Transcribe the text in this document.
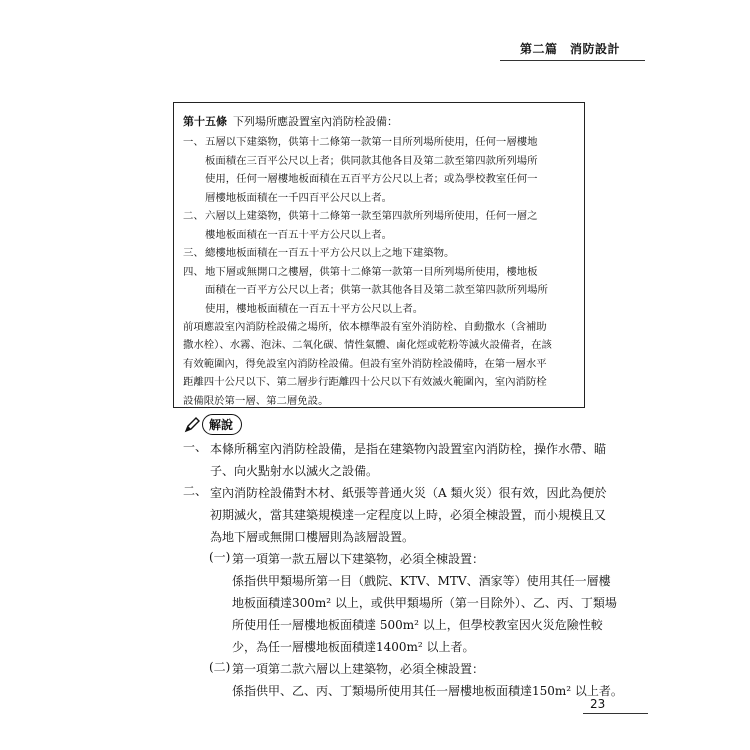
第二篇　消防設計

第十五條 下列場所應設置室內消防栓設備：

一、 五層以下建築物，供第十二條第一款第一目所列場所使用，任何一層樓地
板面積在三百平公尺以上者；供同款其他各目及第二款至第四款所列場所
使用，任何一層樓地板面積在五百平方公尺以上者；或為學校教室任何一
層樓地板面積在一千四百平公尺以上者。
二、 六層以上建築物，供第十二條第一款至第四款所列場所使用，任何一層之
樓地板面積在一百五十平方公尺以上者。
三、 總樓地板面積在一百五十平方公尺以上之地下建築物。
四、 地下層或無開口之樓層，供第十二條第一款第一目所列場所使用，樓地板
面積在一百平方公尺以上者；供第一款其他各目及第二款至第四款所列場所
使用，樓地板面積在一百五十平方公尺以上者。

前項應設室內消防栓設備之場所，依本標準設有室外消防栓、自動撒水（含補助
撒水栓）、水霧、泡沫、二氧化碳、情性氣體、鹵化烴或乾粉等滅火設備者，在該
有效範圍內，得免設室內消防栓設備。但設有室外消防栓設備時，在第一層水平
距離四十公尺以下、第二層步行距離四十公尺以下有效滅火範圍內，室內消防栓
設備限於第一層、第二層免設。

解說
一、 本條所稱室內消防栓設備，是指在建築物內設置室內消防栓，操作水帶、瞄
子、向火點射水以滅火之設備。
二、 室內消防栓設備對木材、紙張等普通火災（A 類火災）很有效，因此為便於
初期滅火，當其建築規模達一定程度以上時，必須全棟設置，而小規模且又
為地下層或無開口樓層則為該層設置。
(一) 第一項第一款五層以下建築物，必須全棟設置：
係指供甲類場所第一目（戲院、KTV、MTV、酒家等）使用其任一層樓
地板面積達300m² 以上，或供甲類場所（第一目除外）、乙、丙、丁類場
所使用任一層樓地板面積達 500m² 以上，但學校教室因火災危險性較
少，為任一層樓地板面積達1400m² 以上者。
(二) 第一項第二款六層以上建築物，必須全棟設置：
係指供甲、乙、丙、丁類場所使用其任一層樓地板面積達150m² 以上者。
23
